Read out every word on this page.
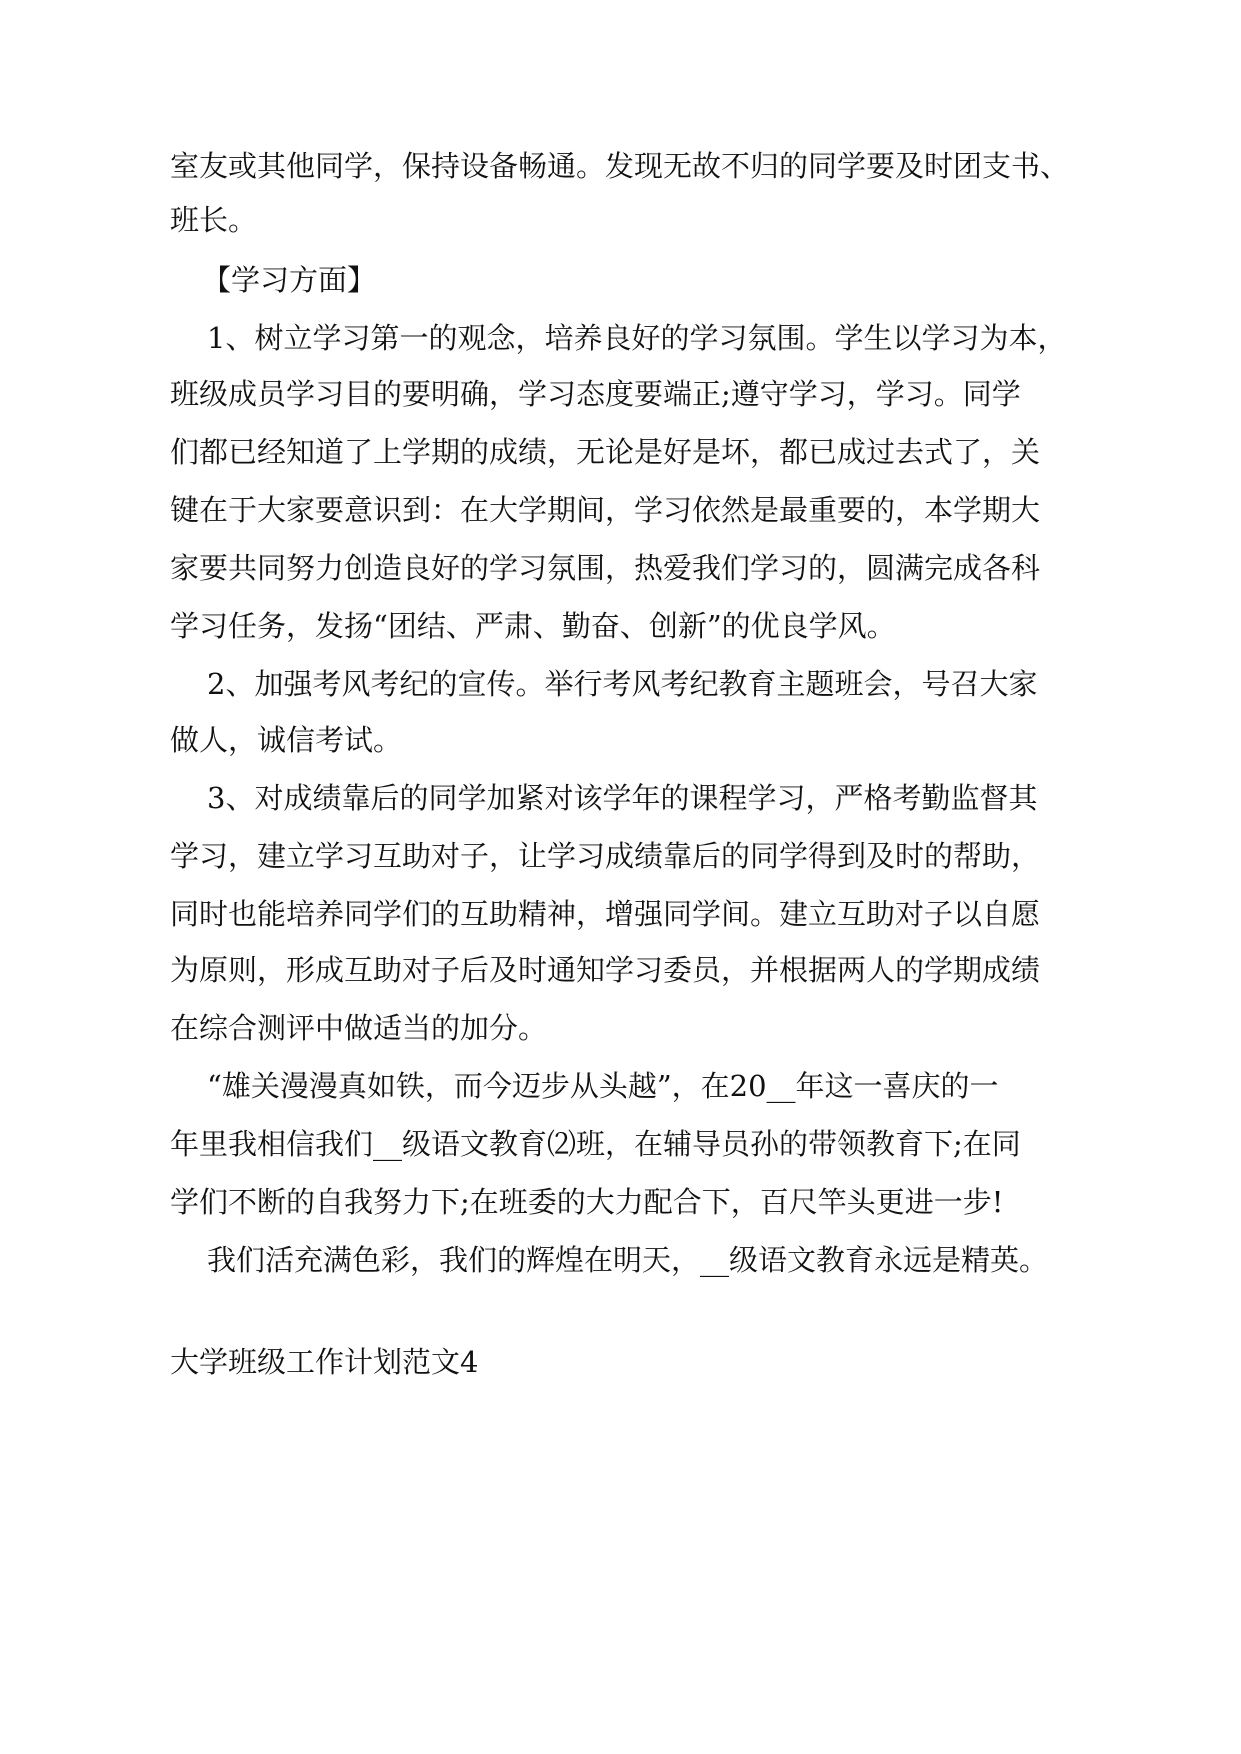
室友或其他同学，保持设备畅通。发现无故不归的同学要及时团支书、
班长。
【学习方面】
1、树立学习第一的观念，培养良好的学习氛围。学生以学习为本，
班级成员学习目的要明确，学习态度要端正;遵守学习，学习。同学
们都已经知道了上学期的成绩，无论是好是坏，都已成过去式了，关
键在于大家要意识到：在大学期间，学习依然是最重要的，本学期大
家要共同努力创造良好的学习氛围，热爱我们学习的，圆满完成各科
学习任务，发扬“团结、严肃、勤奋、创新”的优良学风。
2、加强考风考纪的宣传。举行考风考纪教育主题班会，号召大家
做人，诚信考试。
3、对成绩靠后的同学加紧对该学年的课程学习，严格考勤监督其
学习，建立学习互助对子，让学习成绩靠后的同学得到及时的帮助，
同时也能培养同学们的互助精神，增强同学间。建立互助对子以自愿
为原则，形成互助对子后及时通知学习委员，并根据两人的学期成绩
在综合测评中做适当的加分。
“雄关漫漫真如铁，而今迈步从头越”，在20__年这一喜庆的一
年里我相信我们__级语文教育⑵班，在辅导员孙的带领教育下;在同
学们不断的自我努力下;在班委的大力配合下，百尺竿头更进一步!
我们活充满色彩，我们的辉煌在明天，__级语文教育永远是精英。
大学班级工作计划范文4
